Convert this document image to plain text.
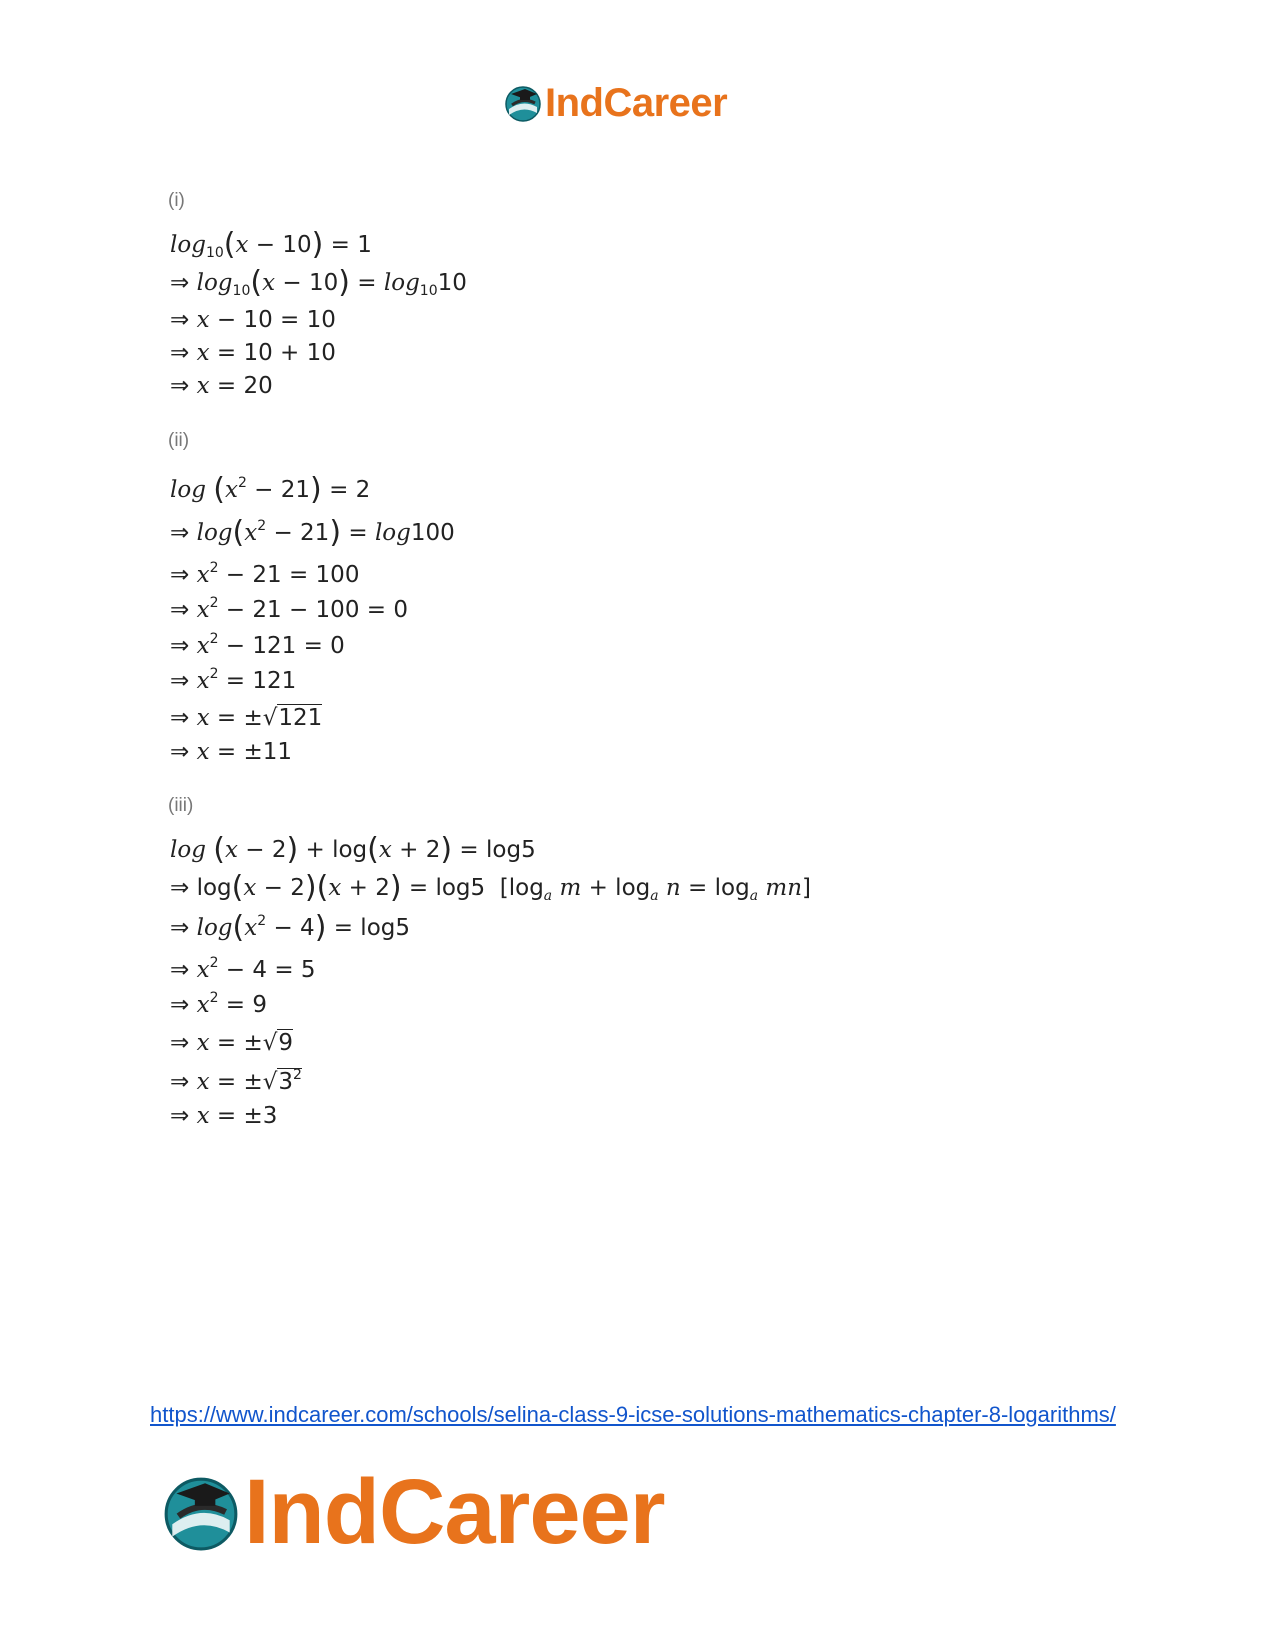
IndCareer
(i)
$\log_{10}(x - 10) = 1$
⇒ $\log_{10}(x - 10) = \log_{10}10$
⇒ x − 10 = 10
⇒ x = 10 + 10
⇒ x = 20
(ii)
$\log (x^2 - 21) = 2$
⇒ $\log(x^2 - 21) = \log 100$
⇒ $x^2 - 21 = 100$
⇒ $x^2 - 21 - 100 = 0$
⇒ $x^2 - 121 = 0$
⇒ $x^2 = 121$
⇒ x = ±√121
⇒ x = ±11
(iii)
log (x − 2) + log(x + 2) = log5
⇒ log(x − 2)(x + 2) = log5  [$\log_a$ $m + \log_a n = \log_a mn$]
⇒ $\log(x^2 - 4) = \log 5$
⇒ $x^2 - 4 = 5$
⇒ $x^2 = 9$
⇒ x = ±√9
⇒ $x = \pm√3^2$
⇒ x = ±3
https://www.indcareer.com/schools/selina-class-9-icse-solutions-mathematics-chapter-8-logarithms/
IndCareer
